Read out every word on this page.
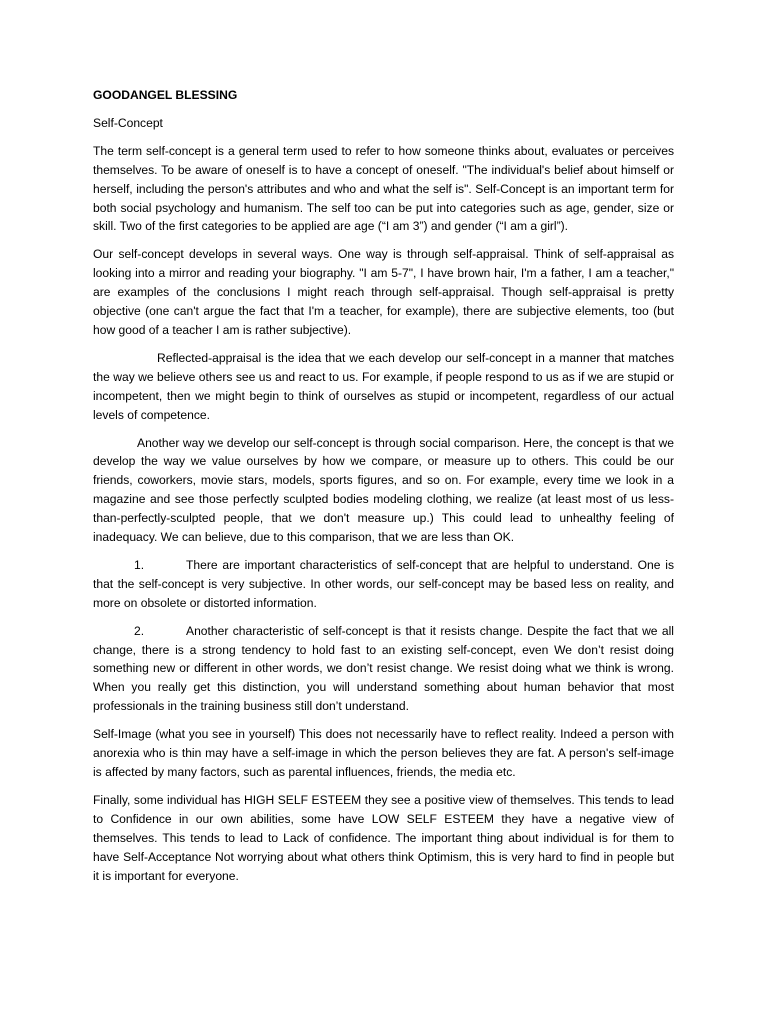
GOODANGEL BLESSING
Self-Concept

The term self-concept is a general term used to refer to how someone thinks about, evaluates or perceives themselves. To be aware of oneself is to have a concept of oneself. "The individual's belief about himself or herself, including the person's attributes and who and what the self is". Self-Concept is an important term for both social psychology and humanism. The self too can be put into categories such as age, gender, size or skill. Two of the first categories to be applied are age (“I am 3”) and gender (“I am a girl”).

Our self-concept develops in several ways. One way is through self-appraisal. Think of self-appraisal as looking into a mirror and reading your biography. "I am 5-7", I have brown hair, I'm a father, I am a teacher," are examples of the conclusions I might reach through self-appraisal. Though self-appraisal is pretty objective (one can't argue the fact that I'm a teacher, for example), there are subjective elements, too (but how good of a teacher I am is rather subjective).

Reflected-appraisal is the idea that we each develop our self-concept in a manner that matches the way we believe others see us and react to us. For example, if people respond to us as if we are stupid or incompetent, then we might begin to think of ourselves as stupid or incompetent, regardless of our actual levels of competence.

Another way we develop our self-concept is through social comparison. Here, the concept is that we develop the way we value ourselves by how we compare, or measure up to others. This could be our friends, coworkers, movie stars, models, sports figures, and so on. For example, every time we look in a magazine and see those perfectly sculpted bodies modeling clothing, we realize (at least most of us less-than-perfectly-sculpted people, that we don't measure up.) This could lead to unhealthy feeling of inadequacy. We can believe, due to this comparison, that we are less than OK.

1.	There are important characteristics of self-concept that are helpful to understand. One is that the self-concept is very subjective. In other words, our self-concept may be based less on reality, and more on obsolete or distorted information.

2.	Another characteristic of self-concept is that it resists change. Despite the fact that we all change, there is a strong tendency to hold fast to an existing self-concept, even We don’t resist doing something new or different in other words, we don’t resist change. We resist doing what we think is wrong. When you really get this distinction, you will understand something about human behavior that most professionals in the training business still don’t understand.

Self-Image (what you see in yourself) This does not necessarily have to reflect reality. Indeed a person with anorexia who is thin may have a self-image in which the person believes they are fat. A person's self-image is affected by many factors, such as parental influences, friends, the media etc.

Finally, some individual has HIGH SELF ESTEEM they see a positive view of themselves. This tends to lead to Confidence in our own abilities, some have LOW SELF ESTEEM they have a negative view of themselves. This tends to lead to Lack of confidence. The important thing about individual is for them to have Self-Acceptance Not worrying about what others think Optimism, this is very hard to find in people but it is important for everyone.
